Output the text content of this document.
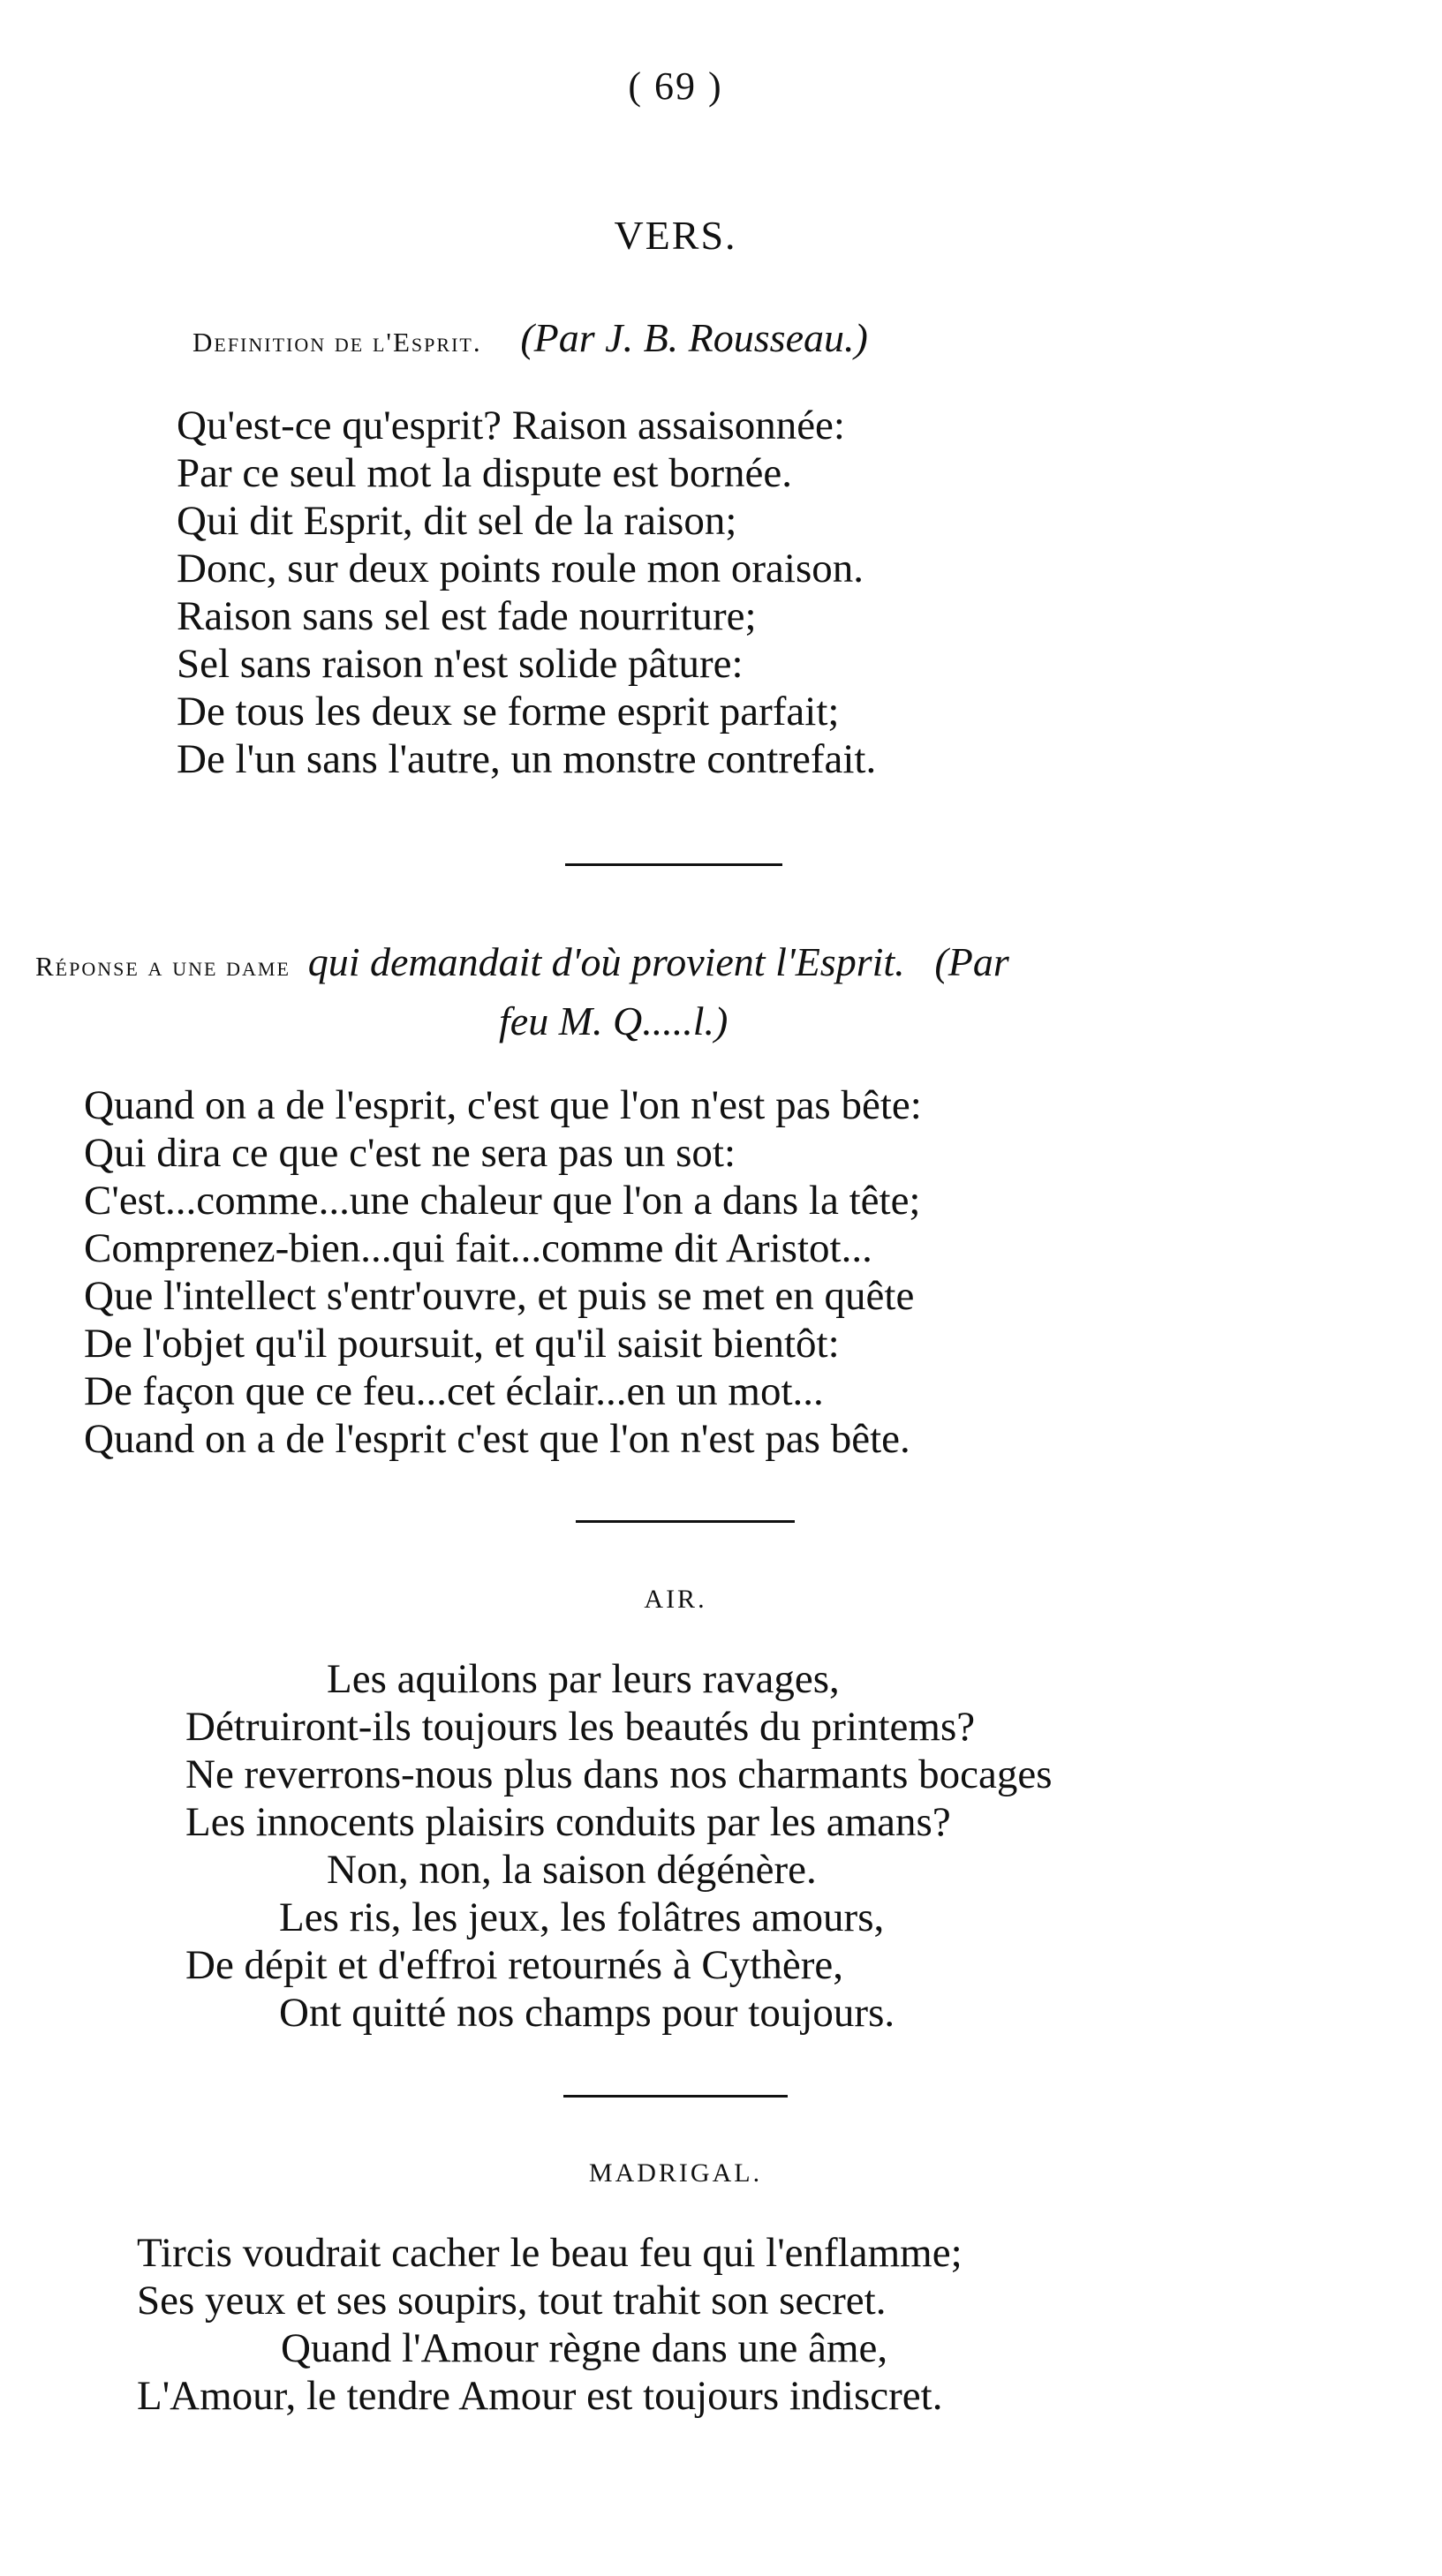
( 69 )
VERS.
Definition de l'Esprit. (Par J. B. Rousseau.)
Qu'est-ce qu'esprit? Raison assaisonnée:
Par ce seul mot la dispute est bornée.
Qui dit Esprit, dit sel de la raison;
Donc, sur deux points roule mon oraison.
Raison sans sel est fade nourriture;
Sel sans raison n'est solide pâture:
De tous les deux se forme esprit parfait;
De l'un sans l'autre, un monstre contrefait.
Réponse a une dame qui demandait d'où provient l'Esprit. (Par
feu M. Q.....l.)
Quand on a de l'esprit, c'est que l'on n'est pas bête:
Qui dira ce que c'est ne sera pas un sot:
C'est...comme...une chaleur que l'on a dans la tête;
Comprenez-bien...qui fait...comme dit Aristot...
Que l'intellect s'entr'ouvre, et puis se met en quête
De l'objet qu'il poursuit, et qu'il saisit bientôt:
De façon que ce feu...cet éclair...en un mot...
Quand on a de l'esprit c'est que l'on n'est pas bête.
AIR.
Les aquilons par leurs ravages,
Détruiront-ils toujours les beautés du printems?
Ne reverrons-nous plus dans nos charmants bocages
Les innocents plaisirs conduits par les amans?
Non, non, la saison dégénère.
Les ris, les jeux, les folâtres amours,
De dépit et d'effroi retournés à Cythère,
Ont quitté nos champs pour toujours.
MADRIGAL.
Tircis voudrait cacher le beau feu qui l'enflamme;
Ses yeux et ses soupirs, tout trahit son secret.
Quand l'Amour règne dans une âme,
L'Amour, le tendre Amour est toujours indiscret.
